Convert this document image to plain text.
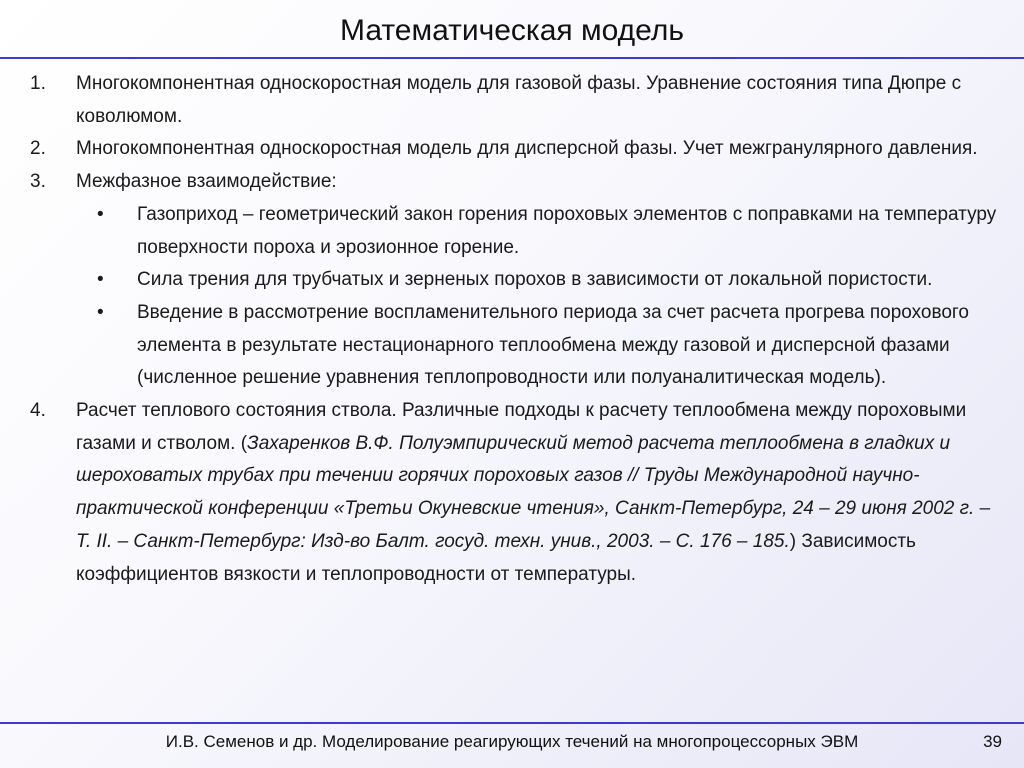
Математическая модель
1.	Многокомпонентная односкоростная модель для газовой фазы. Уравнение состояния типа Дюпре с коволюмом.
2.	Многокомпонентная односкоростная модель для дисперсной фазы. Учет межгранулярного давления.
3.	Межфазное взаимодействие:
•	Газоприход – геометрический закон горения пороховых элементов с поправками на температуру поверхности пороха и эрозионное горение.
•	Сила трения для трубчатых и зерненых порохов в зависимости от локальной пористости.
•	Введение в рассмотрение воспламенительного периода за счет расчета прогрева порохового элемента в результате нестационарного теплообмена между газовой и дисперсной фазами (численное решение уравнения теплопроводности или полуаналитическая модель).
4.	Расчет теплового состояния ствола. Различные подходы к расчету теплообмена между пороховыми газами и стволом. (Захаренков В.Ф. Полуэмпирический метод расчета теплообмена в гладких и шероховатых трубах при течении горячих пороховых газов // Труды Международной научно-практической конференции «Третьи Окуневские чтения», Санкт-Петербург, 24 – 29 июня 2002 г. – Т. II. – Санкт-Петербург: Изд-во Балт. госуд. техн. унив., 2003. – С. 176 – 185.) Зависимость коэффициентов вязкости и теплопроводности от температуры.
И.В. Семенов и др. Моделирование реагирующих течений на многопроцессорных ЭВМ	39
